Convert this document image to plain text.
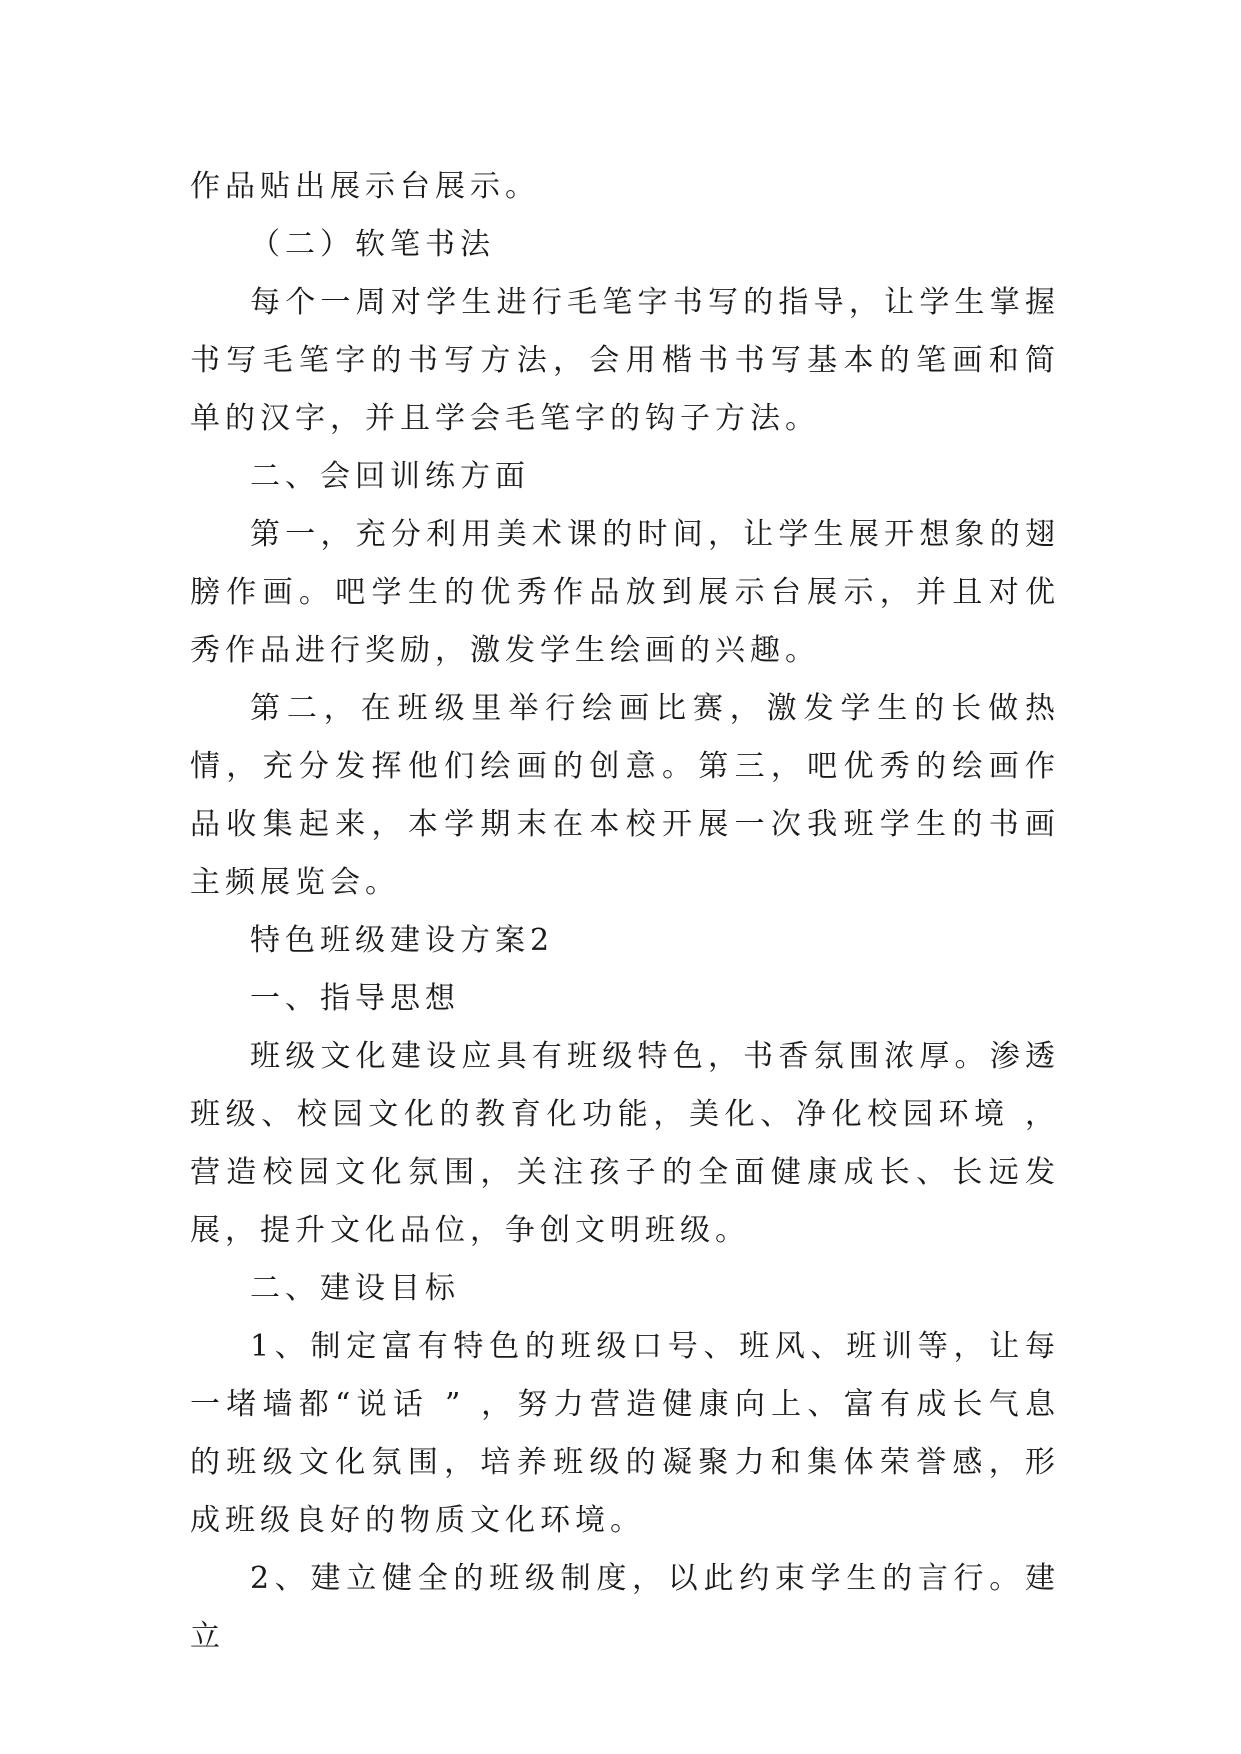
作品贴出展示台展示。

（二）软笔书法

每个一周对学生进行毛笔字书写的指导，让学生掌握书写毛笔字的书写方法，会用楷书书写基本的笔画和简单的汉字，并且学会毛笔字的钩子方法。

二、会回训练方面

第一，充分利用美术课的时间，让学生展开想象的翅膀作画。吧学生的优秀作品放到展示台展示，并且对优秀作品进行奖励，激发学生绘画的兴趣。

第二，在班级里举行绘画比赛，激发学生的长做热情，充分发挥他们绘画的创意。第三，吧优秀的绘画作品收集起来，本学期末在本校开展一次我班学生的书画主频展览会。

特色班级建设方案2

一、指导思想

班级文化建设应具有班级特色，书香氛围浓厚。渗透班级、校园文化的教育化功能，美化、净化校园环境 ，营造校园文化氛围，关注孩子的全面健康成长、长远发展，提升文化品位，争创文明班级。

二、建设目标

1、制定富有特色的班级口号、班风、班训等，让每一堵墙都“说话 ” ，努力营造健康向上、富有成长气息的班级文化氛围，培养班级的凝聚力和集体荣誉感，形成班级良好的物质文化环境。

2、建立健全的班级制度，以此约束学生的言行。建立
